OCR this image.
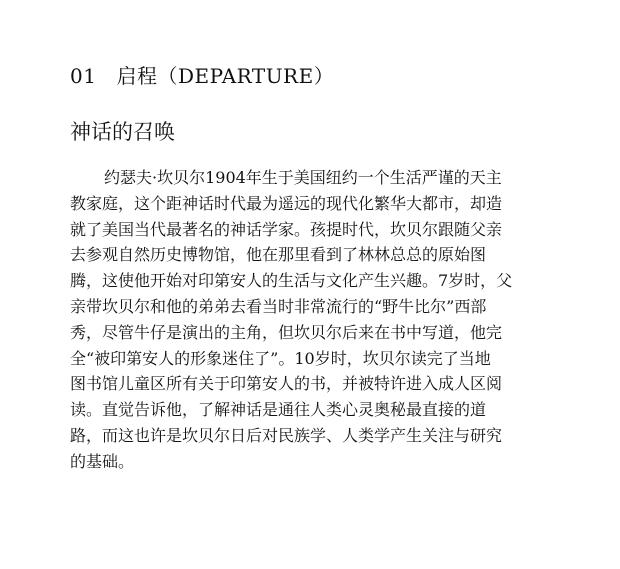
01 启程（DEPARTURE）
神话的召唤
约瑟夫·坎贝尔1904年生于美国纽约一个生活严谨的天主
教家庭，这个距神话时代最为遥远的现代化繁华大都市，却造
就了美国当代最著名的神话学家。孩提时代，坎贝尔跟随父亲
去参观自然历史博物馆，他在那里看到了林林总总的原始图
腾，这使他开始对印第安人的生活与文化产生兴趣。7岁时，父
亲带坎贝尔和他的弟弟去看当时非常流行的“野牛比尔”西部
秀，尽管牛仔是演出的主角，但坎贝尔后来在书中写道，他完
全“被印第安人的形象迷住了”。10岁时，坎贝尔读完了当地
图书馆儿童区所有关于印第安人的书，并被特许进入成人区阅
读。直觉告诉他，了解神话是通往人类心灵奥秘最直接的道
路，而这也许是坎贝尔日后对民族学、人类学产生关注与研究
的基础。
